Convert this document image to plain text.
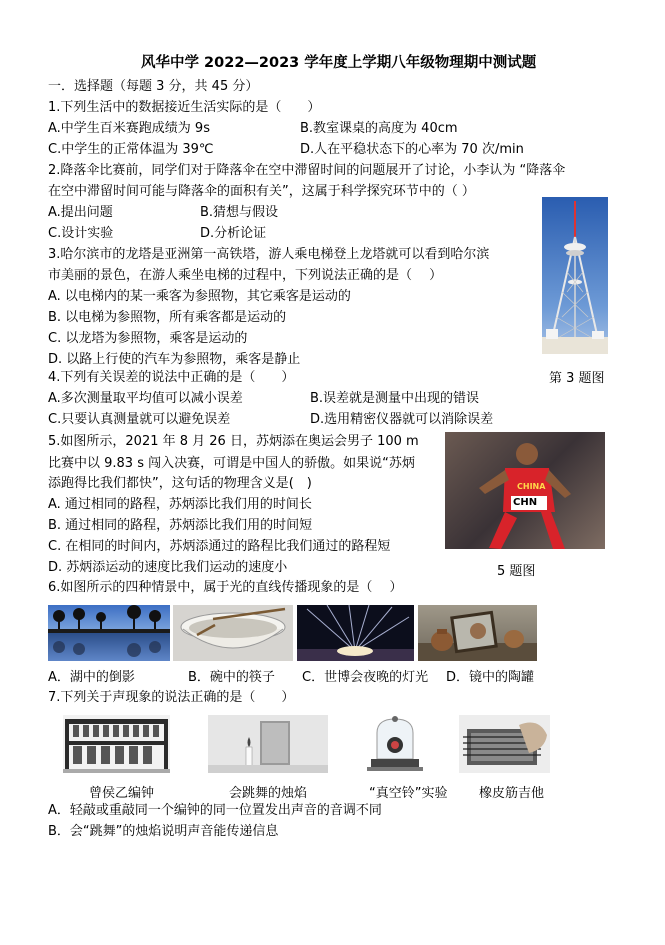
风华中学 2022—2023 学年度上学期八年级物理期中测试题
一．选择题（每题 3 分，共 45 分）
1.下列生活中的数据接近生活实际的是（　　）
A.中学生百米赛跑成绩为 9s	B.教室课桌的高度为 40cm
C.中学生的正常体温为 39℃	D.人在平稳状态下的心率为 70 次/min
2.降落伞比赛前，同学们对于降落伞在空中滞留时间的问题展开了讨论，小李认为 “降落伞
在空中滞留时间可能与降落伞的面积有关”，这属于科学探究环节中的（ ）
A.提出问题	B.猜想与假设
C.设计实验	D.分析论证
3.哈尔滨市的龙塔是亚洲第一高铁塔，游人乘电梯登上龙塔就可以看到哈尔滨
市美丽的景色，在游人乘坐电梯的过程中，下列说法正确的是（　 ）
A. 以电梯内的某一乘客为参照物，其它乘客是运动的
B. 以电梯为参照物，所有乘客都是运动的
C. 以龙塔为参照物，乘客是运动的
D. 以路上行使的汽车为参照物，乘客是静止
第 3 题图
4.下列有关误差的说法中正确的是（　　）
A.多次测量取平均值可以减小误差	B.误差就是测量中出现的错误
C.只要认真测量就可以避免误差	D.选用精密仪器就可以消除误差
5.如图所示，2021 年 8 月 26 日，苏炳添在奥运会男子 100 m
比赛中以 9.83 s 闯入决赛，可谓是中国人的骄傲。如果说“苏炳
添跑得比我们都快”，这句话的物理含义是(　)
A. 通过相同的路程，苏炳添比我们用的时间长
B. 通过相同的路程，苏炳添比我们用的时间短
C. 在相同的时间内，苏炳添通过的路程比我们通过的路程短
D. 苏炳添运动的速度比我们运动的速度小
CHINA
CHN
5 题图
6.如图所示的四种情景中，属于光的直线传播现象的是（　 ）
A．湖中的倒影	B．碗中的筷子 C．世博会夜晚的灯光 D．镜中的陶罐
7.下列关于声现象的说法正确的是（　　）
曾侯乙编钟	会跳舞的烛焰	“真空铃”实验 橡皮筋吉他
A．轻敲或重敲同一个编钟的同一位置发出声音的音调不同
B．会“跳舞”的烛焰说明声音能传递信息
